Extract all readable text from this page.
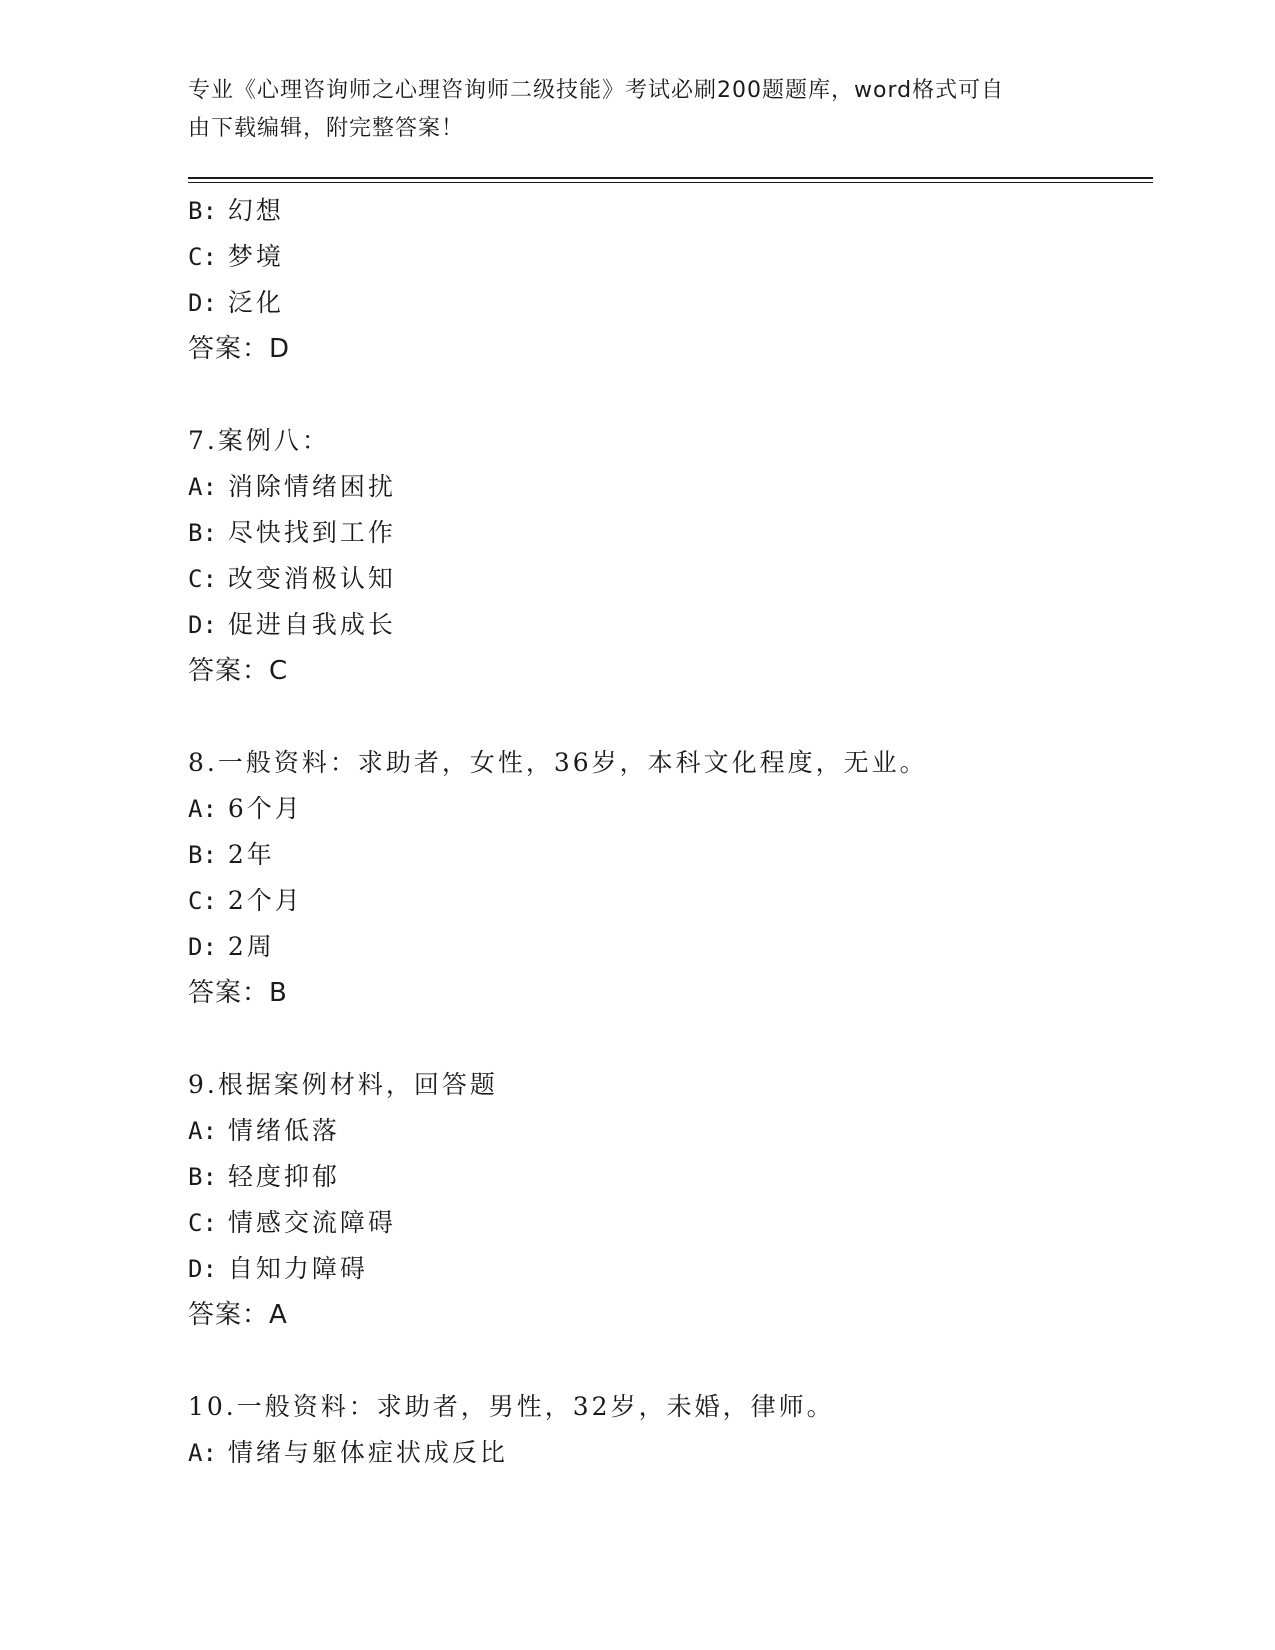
专业《心理咨询师之心理咨询师二级技能》考试必刷200题题库，word格式可自
由下载编辑，附完整答案！
B: 幻想
C: 梦境
D: 泛化
答案：D
7.案例八：
A: 消除情绪困扰
B: 尽快找到工作
C: 改变消极认知
D: 促进自我成长
答案：C
8.一般资料：求助者，女性，36岁，本科文化程度，无业。
A: 6个月
B: 2年
C: 2个月
D: 2周
答案：B
9.根据案例材料，回答题
A: 情绪低落
B: 轻度抑郁
C: 情感交流障碍
D: 自知力障碍
答案：A
10.一般资料：求助者，男性，32岁，未婚，律师。
A: 情绪与躯体症状成反比
